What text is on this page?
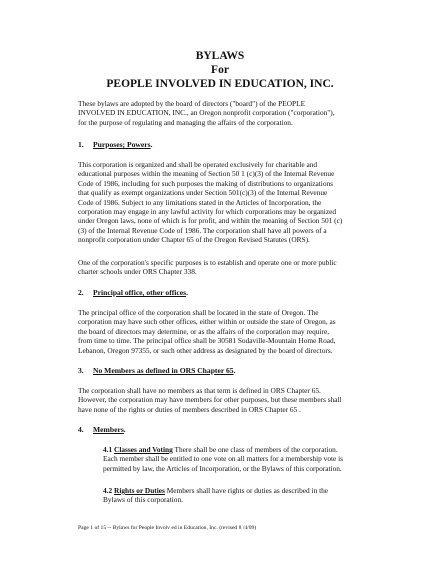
BYLAWS
For
PEOPLE INVOLVED IN EDUCATION, INC.

These bylaws are adopted by the board of directors ("board") of the PEOPLE
INVOLVED IN EDUCATION, INC., an Oregon nonprofit corporation ("corporation"),
for the purpose of regulating and managing the affairs of the corporation.

1. Purposes; Powers.

This corporation is organized and shall be operated exclusively for charitable and
educational purposes within the meaning of Section 50 1 (c)(3) of the Internal Revenue
Code of 1986, including for such purposes the making of distributions to organizations
that qualify as exempt organizations under Section 501(c)(3) of the Internal Revenue
Code of 1986. Subject to any limitations stated in the Articles of Incorporation, the
corporation may engage in any lawful activity for which corporations may be organized
under Oregon laws, none of which is for profit, and within the meaning of Section 501 (c)
(3) of the Internal Revenue Code of 1986. The corporation shall have all powers of a
nonprofit corporation under Chapter 65 of the Oregon Revised Statutes (ORS).

One of the corporation's specific purposes is to establish and operate one or more public
charter schools under ORS Chapter 338.

2. Principal office, other offices.

The principal office of the corporation shall be located in the state of Oregon. The
corporation may have such other offices, either within or outside the state of Oregon, as
the board of directors may determine, or as the affairs of the corporation may require,
from time to time. The principal office shall be 30581 Sodaville-Mountain Home Road,
Lebanon, Oregon 97355, or such other address as designated by the board of directors.

3. No Members as defined in ORS Chapter 65.

The corporation shall have no members as that term is defined in ORS Chapter 65.
However, the corporation may have members for other purposes, but these members shall
have none of the rights or duties of members described in ORS Chapter 65 .

4. Members.

4.1 Classes and Voting There shall be one class of members of the corporation.
Each member shall be entitled to one vote on all matters for a membership vote is
permitted by law, the Articles of Incorporation, or the Bylaws of this corporation.
4.2 Rights or Duties Members shall have rights or duties as described in the
Bylaws of this corporation.
Page 1 of 15 -- Bylaws for People Involv ed in Education, Inc. (revised 8 /4/09)
